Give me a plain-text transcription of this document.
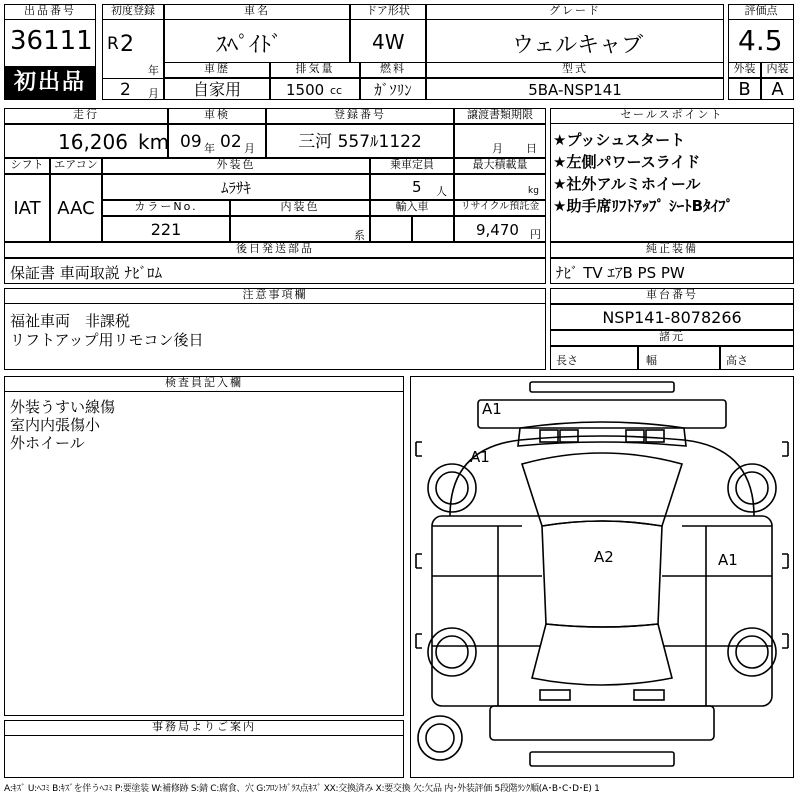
出品番号
36111
初出品
初度登録
R 2
年
2 月
車名
ｽﾍﾟｲﾄﾞ
ドア形状
4W
グレード
ウェルキャブ
評価点
4.5
外装	内装
B	A
車歴
自家用
排気量
1500 cc
燃料
ｶﾞｿﾘﾝ
型式
5BA-NSP141
走行
16,206 km
車検
09 年 02 月
登録番号
三河 557ﾙ1122
譲渡書類期限
月 日
セールスポイント
★プッシュスタート
★左側パワースライド
★社外アルミホイール
★助手席ﾘﾌﾄｱｯﾌﾟ ｼｰﾄBﾀｲﾌﾟ
シフト
IAT
エアコン
AAC
外装色
ﾑﾗｻｷ
乗車定員
5 人
最大積載量
kg
カラーNo.
221
内装色
系
輸入車	リサイクル預託金
9,470 円
後日発送部品
保証書 車両取説 ﾅﾋﾞﾛﾑ
純正装備
ﾅﾋﾞ TV ｴｱB PS PW
注意事項欄
福祉車両　非課税
リフトアップ用リモコン後日
車台番号
NSP141-8078266
諸元
長さ	幅	高さ
検査員記入欄
外装うすい線傷
室内内張傷小
外ホイール
事務局よりご案内
A1
A1
A2	A1
A:ｷｽﾞ U:ﾍｺﾐ B:ｷｽﾞを伴うﾍｺﾐ P:要塗装 W:補修跡 S:錆 C:腐食、穴 G:ﾌﾛﾝﾄｶﾞﾗｽ点ｷｽﾞ XX:交換済み X:要交換 欠:欠品 内･外装評価 5段階ﾗﾝｸ順(A･B･C･D･E) 1
